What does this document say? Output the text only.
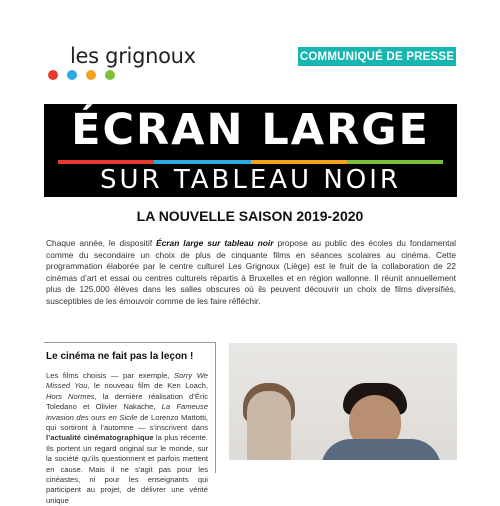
les grignoux	COMMUNIQUÉ DE PRESSE
ÉCRAN LARGE
SUR TABLEAU NOIR
LA NOUVELLE SAISON 2019-2020
Chaque année, le dispositif Écran large sur tableau noir propose au public des écoles du fondamental comme du secondaire un choix de plus de cinquante films en séances scolaires au cinéma. Cette programmation élaborée par le centre culturel Les Grignoux (Liège) est le fruit de la collaboration de 22 cinémas d’art et essai ou centres culturels répartis à Bruxelles et en région wallonne. Il réunit annuellement plus de 125.000 élèves dans les salles obscures où ils peuvent découvrir un choix de films diversifiés, susceptibles de les émouvoir comme de les faire réfléchir.
Le cinéma ne fait pas la leçon !
Les films choisis — par exemple, Sorry We Missed You, le nouveau film de Ken Loach, Hors Normes, la dernière réalisation d’Éric Toledano et Olivier Nakache, La Fameuse invasion des ours en Sicile de Lorenzo Mattotti, qui sortiront à l’automne — s’inscrivent dans l’actualité cinématographique la plus récente. Ils portent un regard original sur le monde, sur la société qu’ils questionnent et parfois mettent en cause. Mais il ne s’agit pas pour les cinéastes, ni pour les enseignants qui participent au projet, de délivrer une vérité unique
